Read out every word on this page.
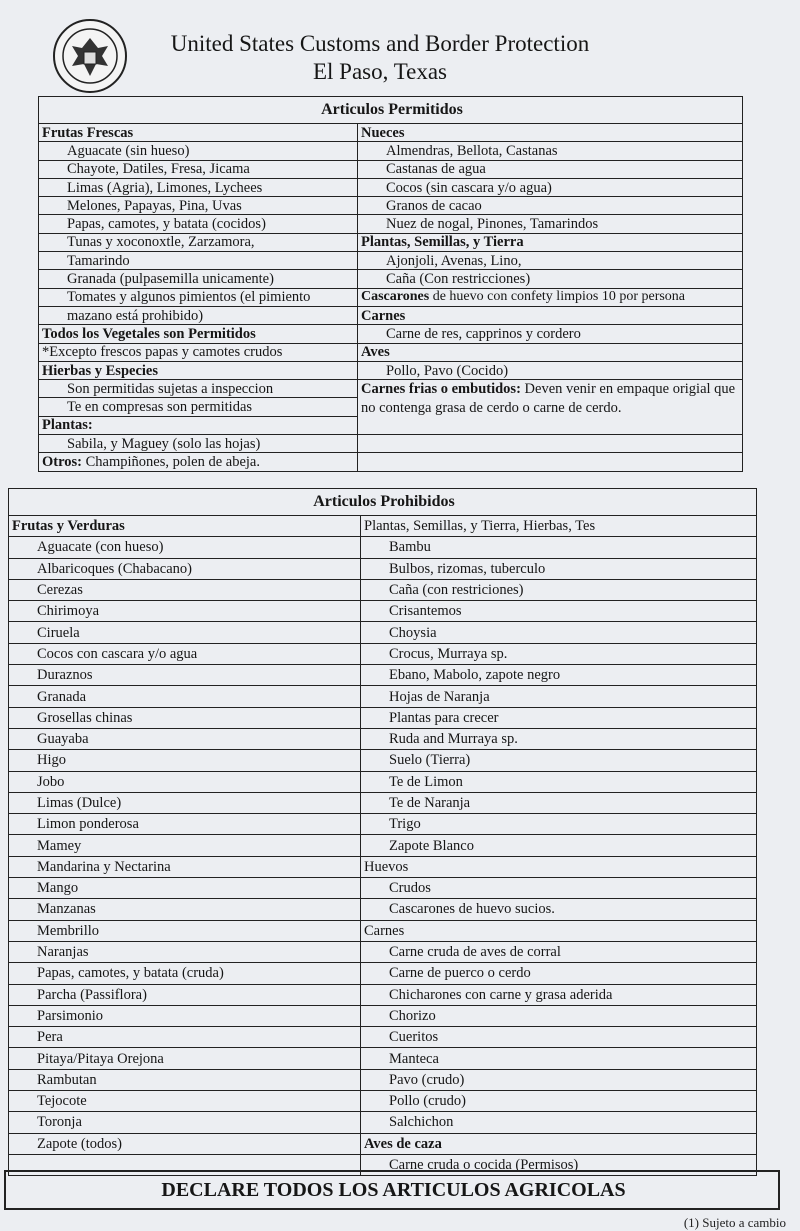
United States Customs and Border Protection
El Paso, Texas
Articulos Permitidos	
Frutas Frescas	Nueces
Aguacate (sin hueso)	Almendras, Bellota, Castanas
Chayote, Datiles, Fresa, Jicama	Castanas de agua
Limas (Agria), Limones, Lychees	Cocos (sin cascara y/o agua)
Melones, Papayas, Pina, Uvas	Granos de cacao
Papas, camotes, y batata (cocidos)	Nuez de nogal, Pinones, Tamarindos
Tunas y xoconoxtle, Zarzamora,	Plantas, Semillas, y Tierra
Tamarindo	Ajonjoli, Avenas, Lino,
Granada (pulpasemilla unicamente)	Caña (Con restricciones)
Tomates y algunos pimientos (el pimiento	Cascarones de huevo con confety limpios 10 por persona
mazano está prohibido)	Carnes
Todos los Vegetales son Permitidos	Carne de res, capprinos y cordero
*Excepto frescos papas y camotes crudos	Aves
Hierbas y Especies	Pollo, Pavo (Cocido)
Son permitidas sujetas a inspeccion	Carnes frias o embutidos: Deven venir en empaque origial que no contenga grasa de cerdo o carne de cerdo.
Te en compresas son permitidas	
Plantas:	
Sabila, y Maguey (solo las hojas)	
Otros: Champiñones, polen de abeja.	
Articulos Prohibidos	
Frutas y Verduras	Plantas, Semillas, y Tierra, Hierbas, Tes
Aguacate (con hueso)	Bambu
Albaricoques (Chabacano)	Bulbos, rizomas, tuberculo
Cerezas	Caña (con restriciones)
Chirimoya	Crisantemos
Ciruela	Choysia
Cocos con cascara y/o agua	Crocus, Murraya sp.
Duraznos	Ebano, Mabolo, zapote negro
Granada	Hojas de Naranja
Grosellas chinas	Plantas para crecer
Guayaba	Ruda and Murraya sp.
Higo	Suelo (Tierra)
Jobo	Te de Limon
Limas (Dulce)	Te de Naranja
Limon ponderosa	Trigo
Mamey	Zapote Blanco
Mandarina y Nectarina	Huevos
Mango	Crudos
Manzanas	Cascarones de huevo sucios.
Membrillo	Carnes
Naranjas	Carne cruda de aves de corral
Papas, camotes, y batata (cruda)	Carne de puerco o cerdo
Parcha (Passiflora)	Chicharones con carne y grasa aderida
Parsimonio	Chorizo
Pera	Cueritos
Pitaya/Pitaya Orejona	Manteca
Rambutan	Pavo (crudo)
Tejocote	Pollo (crudo)
Toronja	Salchichon
Zapote (todos)	Aves de caza
	Carne cruda o cocida (Permisos)
DECLARE TODOS LOS ARTICULOS AGRICOLAS
(1) Sujeto a cambio
